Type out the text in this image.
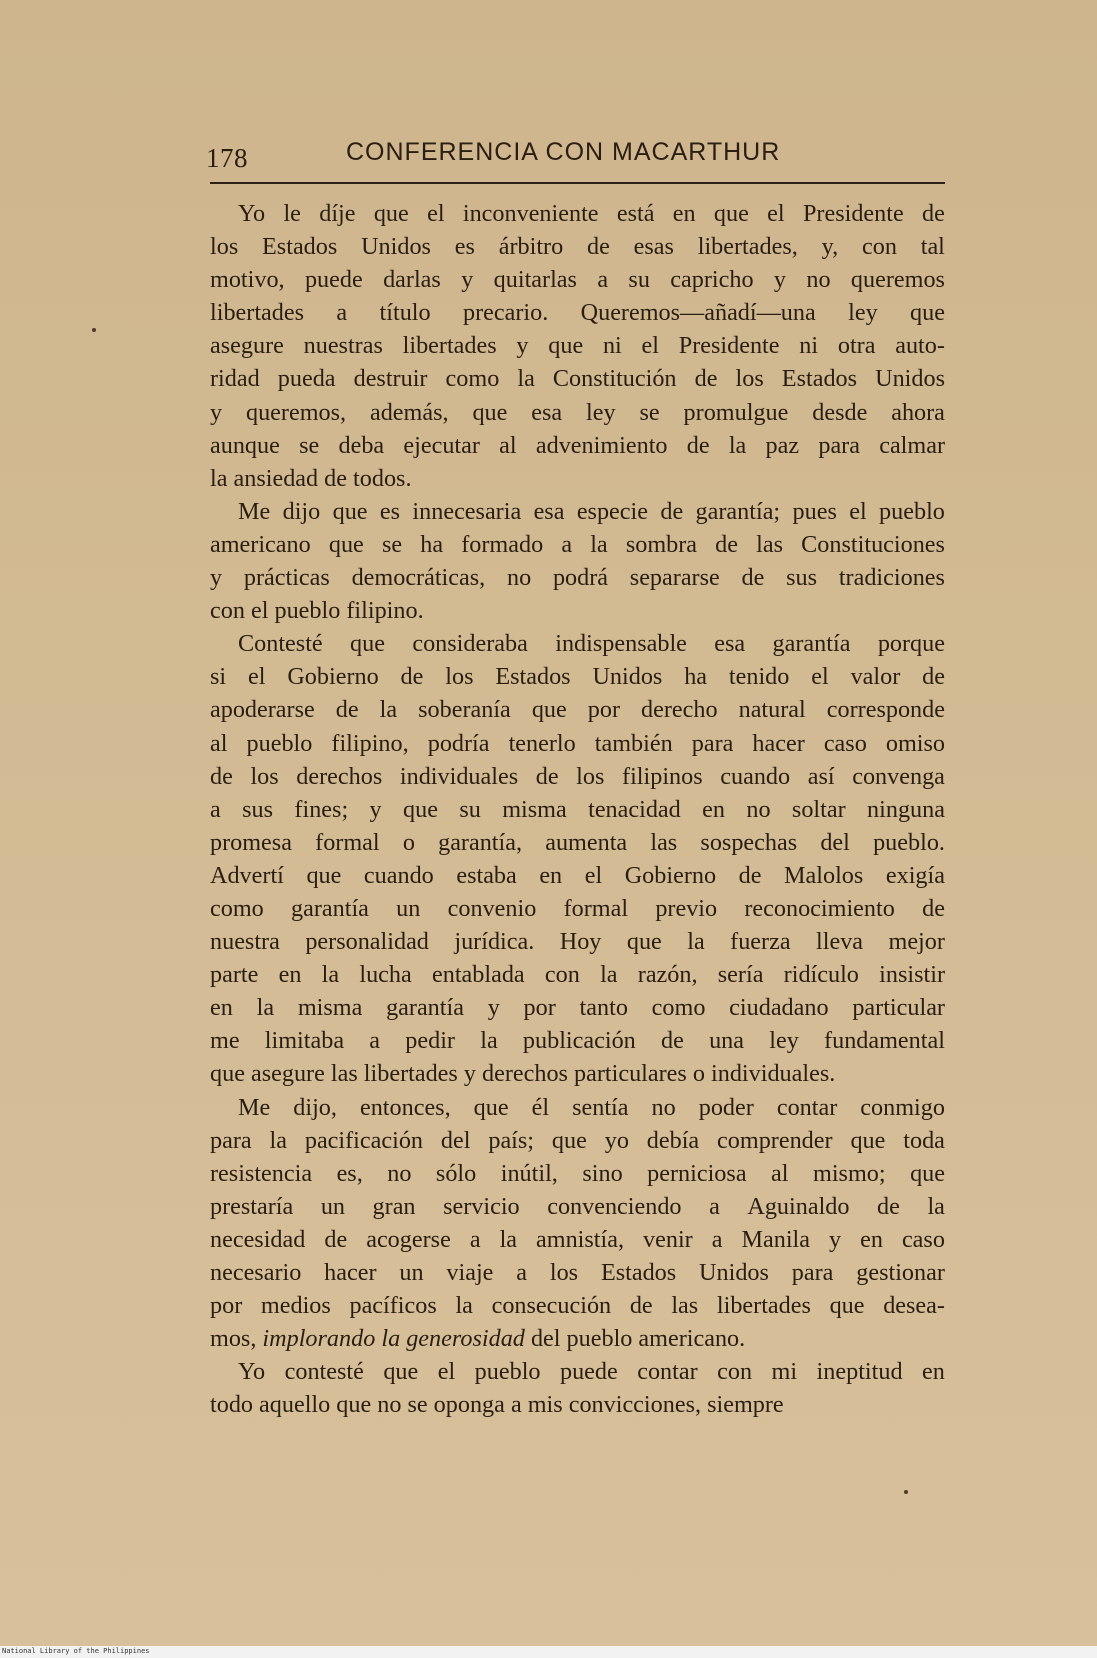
178	CONFERENCIA CON MACARTHUR
Yo le díje que el inconveniente está en que el Presidente de
los Estados Unidos es árbitro de esas libertades, y, con tal
motivo, puede darlas y quitarlas a su capricho y no queremos
libertades a título precario. Queremos—añadí—una ley que
asegure nuestras libertades y que ni el Presidente ni otra auto-
ridad pueda destruir como la Constitución de los Estados Unidos
y queremos, además, que esa ley se promulgue desde ahora
aunque se deba ejecutar al advenimiento de la paz para calmar
la ansiedad de todos.
Me dijo que es innecesaria esa especie de garantía; pues el pueblo
americano que se ha formado a la sombra de las Constituciones
y prácticas democráticas, no podrá separarse de sus tradiciones
con el pueblo filipino.
Contesté que consideraba indispensable esa garantía porque
si el Gobierno de los Estados Unidos ha tenido el valor de
apoderarse de la soberanía que por derecho natural corresponde
al pueblo filipino, podría tenerlo también para hacer caso omiso
de los derechos individuales de los filipinos cuando así convenga
a sus fines; y que su misma tenacidad en no soltar ninguna
promesa formal o garantía, aumenta las sospechas del pueblo.
Advertí que cuando estaba en el Gobierno de Malolos exigía
como garantía un convenio formal previo reconocimiento de
nuestra personalidad jurídica. Hoy que la fuerza lleva mejor
parte en la lucha entablada con la razón, sería ridículo insistir
en la misma garantía y por tanto como ciudadano particular
me limitaba a pedir la publicación de una ley fundamental
que asegure las libertades y derechos particulares o individuales.
Me dijo, entonces, que él sentía no poder contar conmigo
para la pacificación del país; que yo debía comprender que toda
resistencia es, no sólo inútil, sino perniciosa al mismo; que
prestaría un gran servicio convenciendo a Aguinaldo de la
necesidad de acogerse a la amnistía, venir a Manila y en caso
necesario hacer un viaje a los Estados Unidos para gestionar
por medios pacíficos la consecución de las libertades que desea-
mos, implorando la generosidad del pueblo americano.
Yo contesté que el pueblo puede contar con mi ineptitud en
todo aquello que no se oponga a mis convicciones, siempre
National Library of the Philippines
